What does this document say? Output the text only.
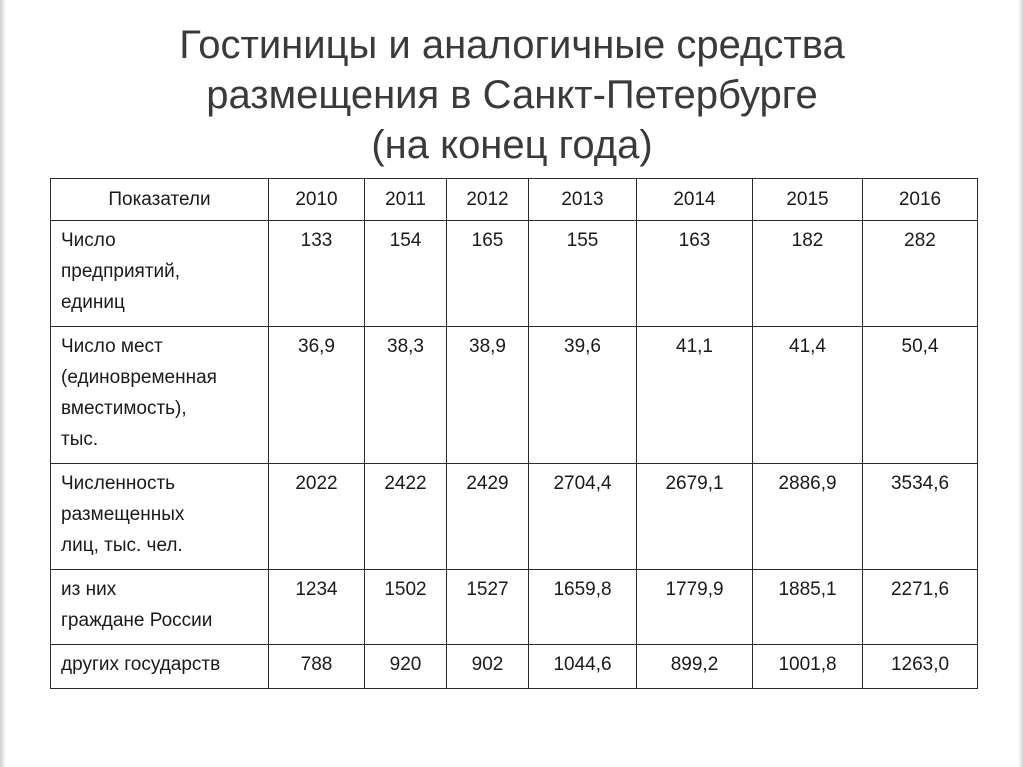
Гостиницы и аналогичные средства
размещения в Санкт-Петербурге
(на конец года)
Показатели	2010	2011	2012	2013	2014	2015	2016

Число
предприятий,
единиц	133	154	165	155	163	182	282

Число мест
(единовременная
вместимость),
тыс.	36,9	38,3	38,9	39,6	41,1	41,4	50,4

Численность
размещенных
лиц, тыс. чел.	2022	2422	2429	2704,4	2679,1	2886,9	3534,6

из них
граждане России	1234	1502	1527	1659,8	1779,9	1885,1	2271,6

других государств	788	920	902	1044,6	899,2	1001,8	1263,0
